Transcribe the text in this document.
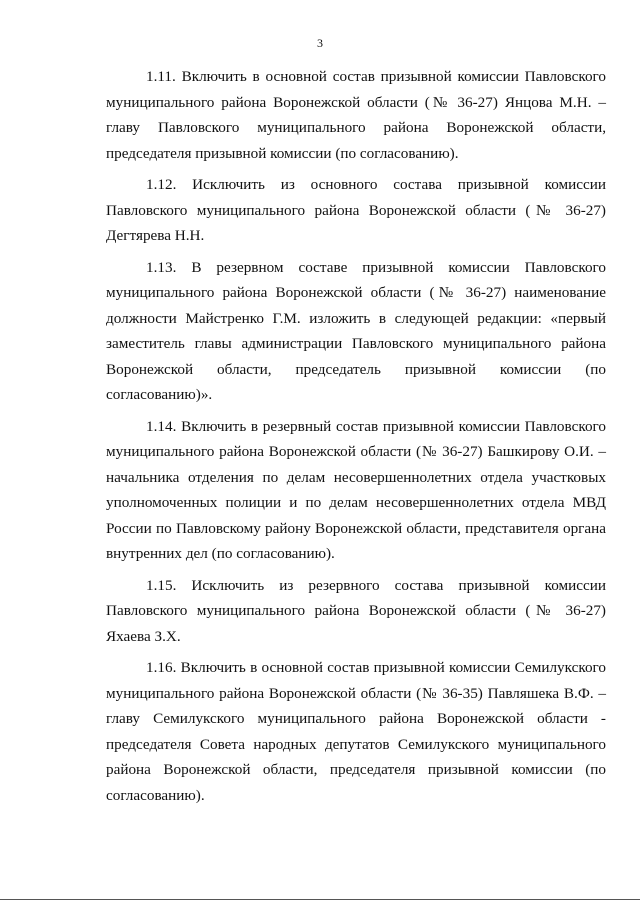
3

1.11. Включить в основной состав призывной комиссии Павловского муниципального района Воронежской области (№ 36-27) Янцова М.Н. – главу Павловского муниципального района Воронежской области, председателя призывной комиссии (по согласованию).

1.12. Исключить из основного состава призывной комиссии Павловского муниципального района Воронежской области (№ 36-27) Дегтярева Н.Н.

1.13. В резервном составе призывной комиссии Павловского муниципального района Воронежской области (№ 36-27) наименование должности Майстренко Г.М. изложить в следующей редакции: «первый заместитель главы администрации Павловского муниципального района Воронежской области, председатель призывной комиссии (по согласованию)».

1.14. Включить в резервный состав призывной комиссии Павловского муниципального района Воронежской области (№ 36-27) Башкирову О.И. – начальника отделения по делам несовершеннолетних отдела участковых уполномоченных полиции и по делам несовершеннолетних отдела МВД России по Павловскому району Воронежской области, представителя органа внутренних дел (по согласованию).

1.15. Исключить из резервного состава призывной комиссии Павловского муниципального района Воронежской области (№ 36-27) Яхаева З.Х.

1.16. Включить в основной состав призывной комиссии Семилукского муниципального района Воронежской области (№ 36-35) Павляшека В.Ф. – главу Семилукского муниципального района Воронежской области - председателя Совета народных депутатов Семилукского муниципального района Воронежской области, председателя призывной комиссии (по согласованию).
